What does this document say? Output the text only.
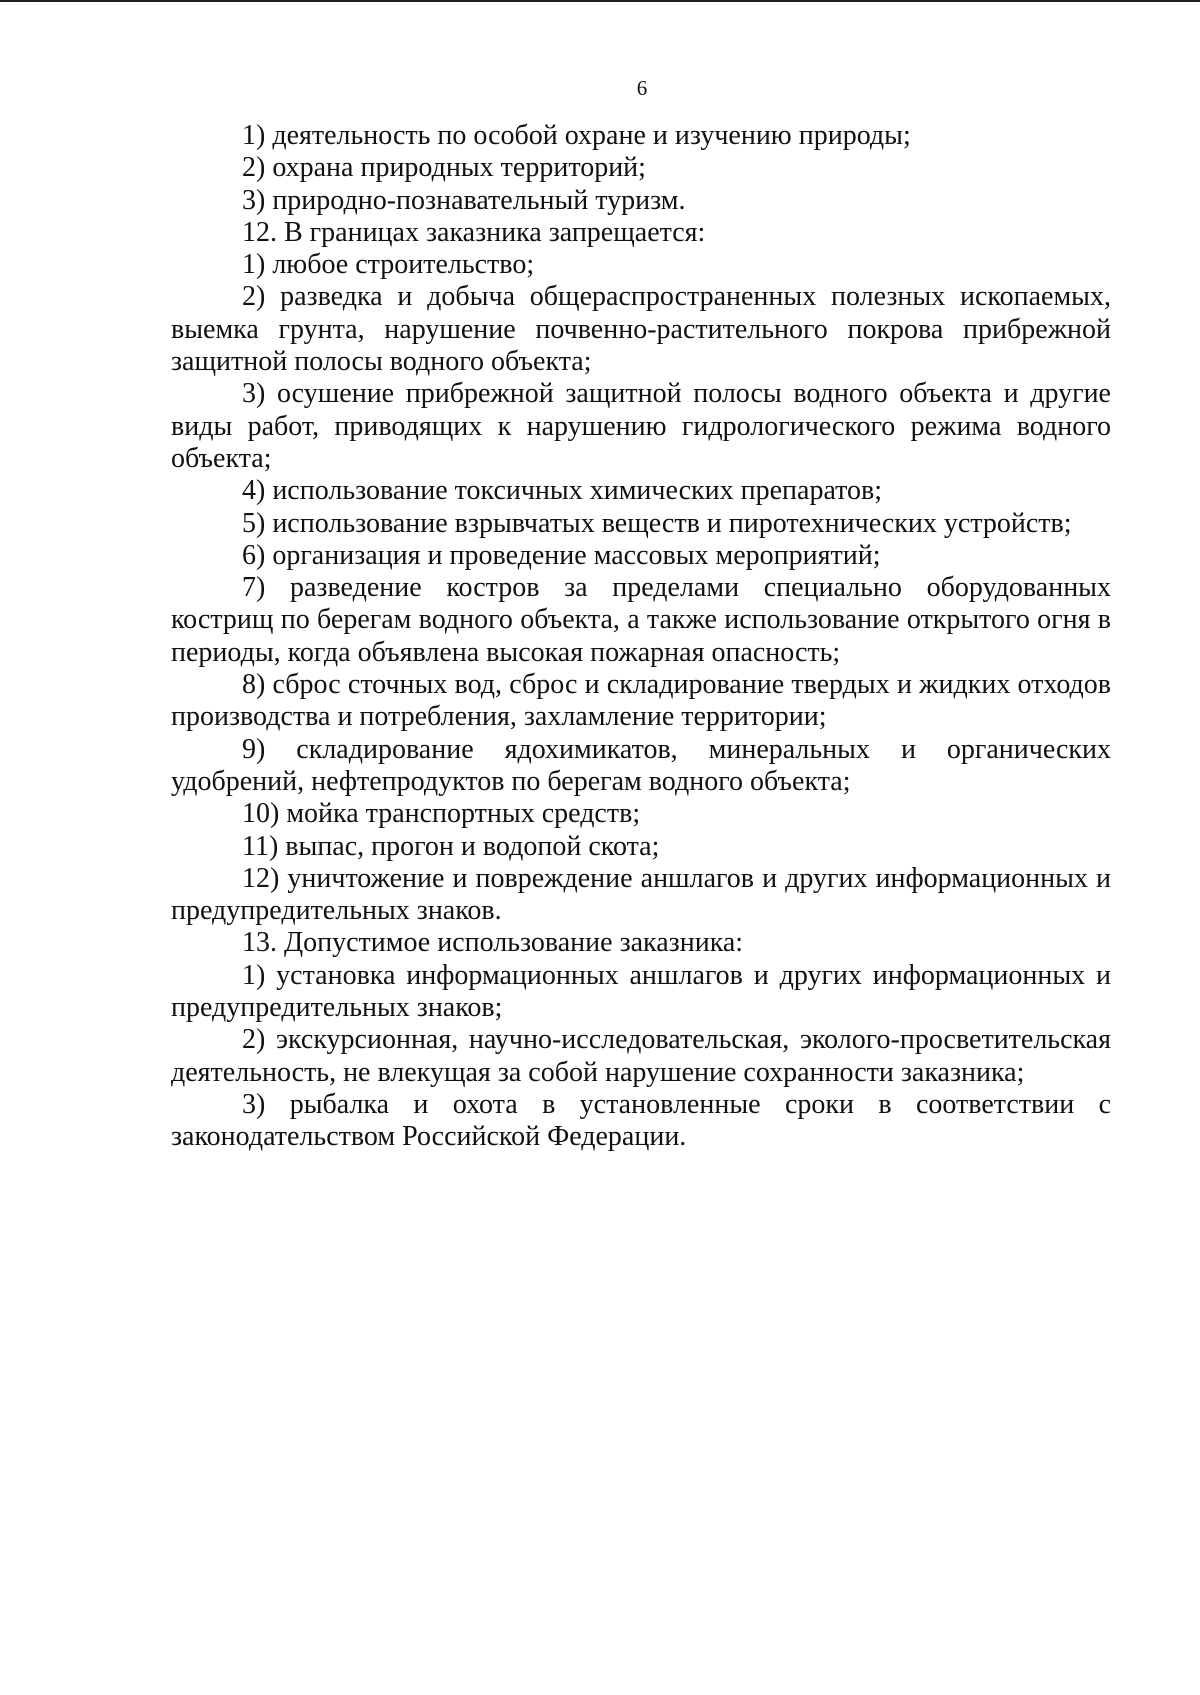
6

1) деятельность по особой охране и изучению природы;

2) охрана природных территорий;

3) природно-познавательный туризм.

12. В границах заказника запрещается:

1) любое строительство;

2) разведка и добыча общераспространенных полезных ископаемых, выемка грунта, нарушение почвенно-растительного покрова прибрежной защитной полосы водного объекта;

3) осушение прибрежной защитной полосы водного объекта и другие виды работ, приводящих к нарушению гидрологического режима водного объекта;

4) использование токсичных химических препаратов;

5) использование взрывчатых веществ и пиротехнических устройств;

6) организация и проведение массовых мероприятий;

7) разведение костров за пределами специально оборудованных кострищ по берегам водного объекта, а также использование открытого огня в периоды, когда объявлена высокая пожарная опасность;

8) сброс сточных вод, сброс и складирование твердых и жидких отходов производства и потребления, захламление территории;

9) складирование ядохимикатов, минеральных и органических удобрений, нефтепродуктов по берегам водного объекта;

10) мойка транспортных средств;

11) выпас, прогон и водопой скота;

12) уничтожение и повреждение аншлагов и других информационных и предупредительных знаков.

13. Допустимое использование заказника:

1) установка информационных аншлагов и других информационных и предупредительных знаков;

2) экскурсионная, научно-исследовательская, эколого-просветительская деятельность, не влекущая за собой нарушение сохранности заказника;

3) рыбалка и охота в установленные сроки в соответствии с законодательством Российской Федерации.
